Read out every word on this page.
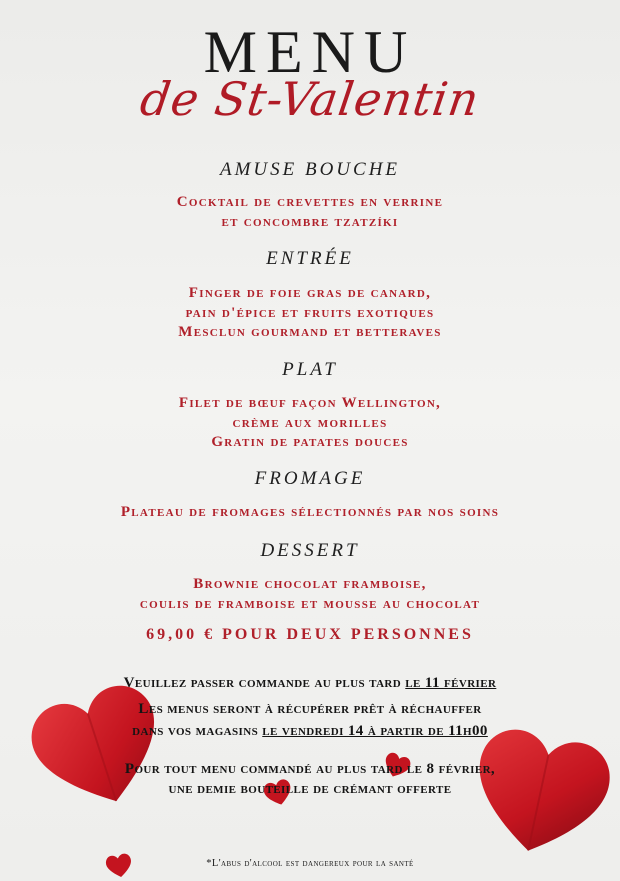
MENU
de St-Valentin
AMUSE BOUCHE
Cocktail de crevettes en verrine
et concombre tzatzíki
ENTRÉE
Finger de foie gras de canard,
pain d'épice et fruits exotiques
Mesclun gourmand et betteraves
PLAT
Filet de bœuf façon Wellington,
crème aux morilles
Gratin de patates douces
FROMAGE
Plateau de fromages sélectionnés par nos soins
DESSERT
Brownie chocolat framboise,
coulis de framboise et mousse au chocolat
69,00 € POUR DEUX PERSONNES
Veuillez passer commande au plus tard le 11 février
Les menus seront à récupérer prêt à réchauffer
dans vos magasins le vendredi 14 à partir de 11h00
Pour tout menu commandé au plus tard le 8 février,
une demie bouteille de crémant offerte
*L'abus d'alcool est dangereux pour la santé
